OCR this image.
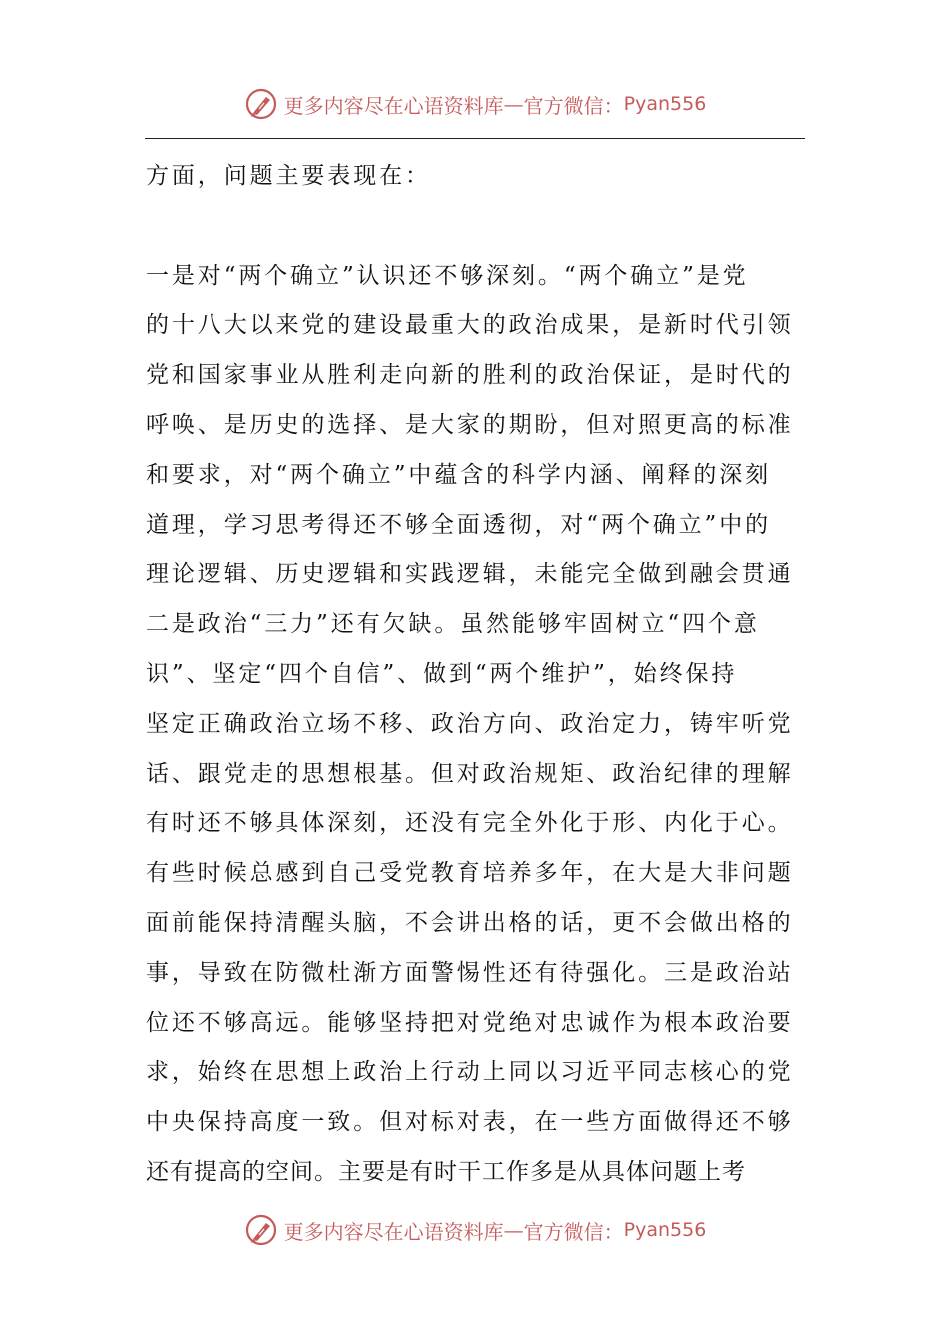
更多内容尽在心语资料库 — 官方微信： Pyan556
方面，问题主要表现在：
一是对“两个确立”认识还不够深刻。“两个确立”是党
的十八大以来党的建设最重大的政治成果，是新时代引领
党和国家事业从胜利走向新的胜利的政治保证，是时代的
呼唤、是历史的选择、是大家的期盼，但对照更高的标准
和要求，对“两个确立”中蕴含的科学内涵、阐释的深刻
道理，学习思考得还不够全面透彻，对“两个确立”中的
理论逻辑、历史逻辑和实践逻辑，未能完全做到融会贯通
二是政治“三力”还有欠缺。虽然能够牢固树立“四个意
识”、坚定“四个自信”、做到“两个维护”，始终保持
坚定正确政治立场不移、政治方向、政治定力，铸牢听党
话、跟党走的思想根基。但对政治规矩、政治纪律的理解
有时还不够具体深刻，还没有完全外化于形、内化于心。
有些时候总感到自己受党教育培养多年，在大是大非问题
面前能保持清醒头脑，不会讲出格的话，更不会做出格的
事，导致在防微杜渐方面警惕性还有待强化。三是政治站
位还不够高远。能够坚持把对党绝对忠诚作为根本政治要
求，始终在思想上政治上行动上同以习近平同志核心的党
中央保持高度一致。但对标对表，在一些方面做得还不够
还有提高的空间。主要是有时干工作多是从具体问题上考
更多内容尽在心语资料库 — 官方微信： Pyan556
